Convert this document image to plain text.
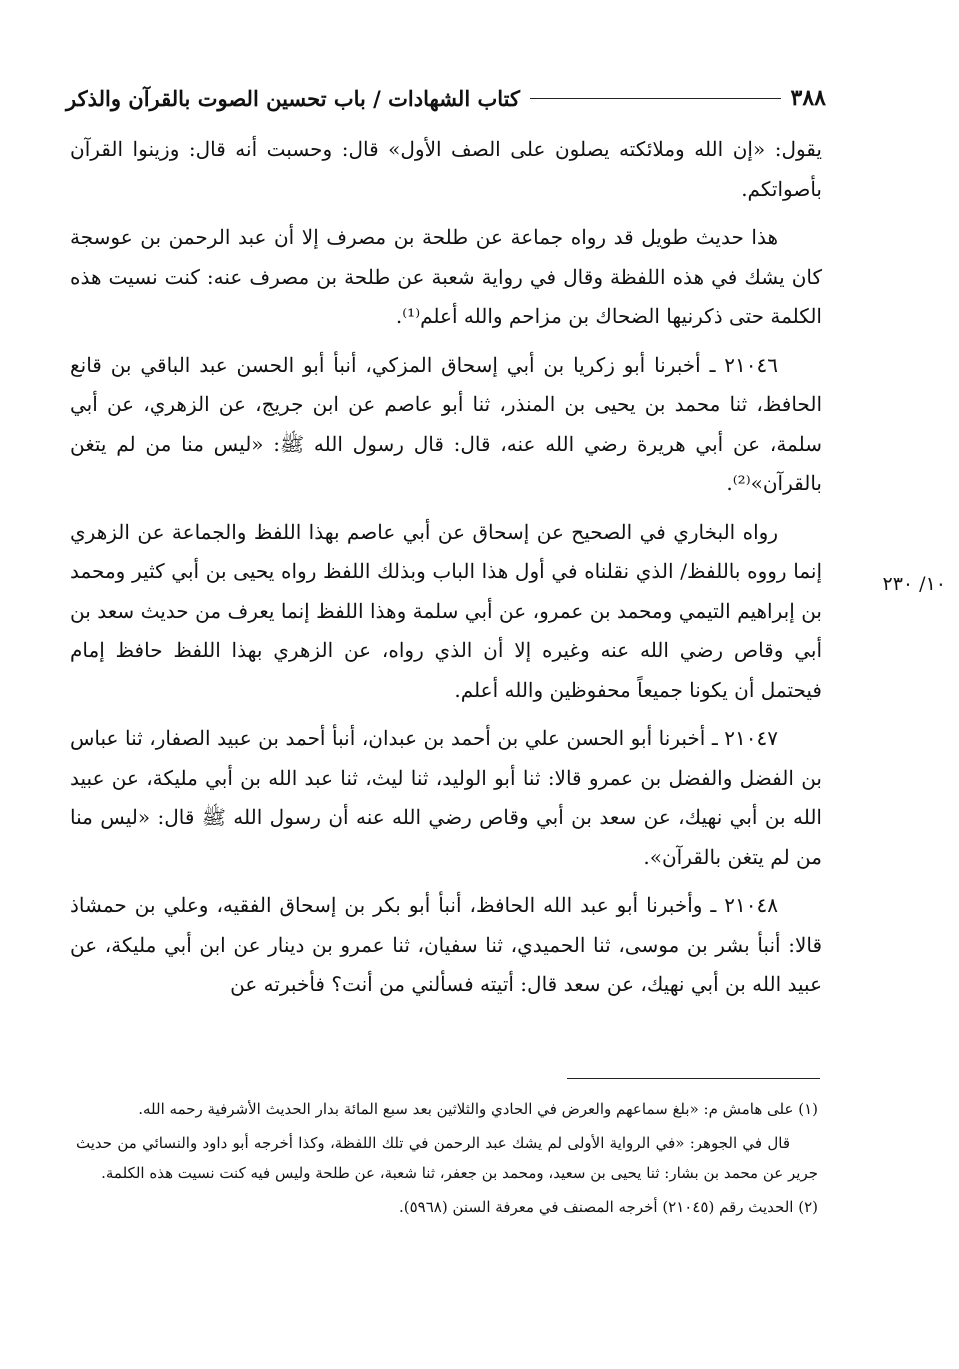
٣٨٨
كتاب الشهادات / باب تحسين الصوت بالقرآن والذكر

يقول: «إن الله وملائكته يصلون على الصف الأول» قال: وحسبت أنه قال: وزينوا القرآن بأصواتكم.

هذا حديث طويل قد رواه جماعة عن طلحة بن مصرف إلا أن عبد الرحمن بن عوسجة كان يشك في هذه اللفظة وقال في رواية شعبة عن طلحة بن مصرف عنه: كنت نسيت هذه الكلمة حتى ذكرنيها الضحاك بن مزاحم والله أعلم⁽¹⁾.

٢١٠٤٦ ـ أخبرنا أبو زكريا بن أبي إسحاق المزكي، أنبأ أبو الحسن عبد الباقي بن قانع الحافظ، ثنا محمد بن يحيى بن المنذر، ثنا أبو عاصم عن ابن جريج، عن الزهري، عن أبي سلمة، عن أبي هريرة رضي الله عنه، قال: قال رسول الله ﷺ: «ليس منا من لم يتغن بالقرآن»⁽²⁾.

رواه البخاري في الصحيح عن إسحاق عن أبي عاصم بهذا اللفظ والجماعة عن الزهري إنما رووه باللفظ/ الذي نقلناه في أول هذا الباب وبذلك اللفظ رواه يحيى بن أبي كثير ومحمد بن إبراهيم التيمي ومحمد بن عمرو، عن أبي سلمة وهذا اللفظ إنما يعرف من حديث سعد بن أبي وقاص رضي الله عنه وغيره إلا أن الذي رواه، عن الزهري بهذا اللفظ حافظ إمام فيحتمل أن يكونا جميعاً محفوظين والله أعلم.

٢١٠٤٧ ـ أخبرنا أبو الحسن علي بن أحمد بن عبدان، أنبأ أحمد بن عبيد الصفار، ثنا عباس بن الفضل والفضل بن عمرو قالا: ثنا أبو الوليد، ثنا ليث، ثنا عبد الله بن أبي مليكة، عن عبيد الله بن أبي نهيك، عن سعد بن أبي وقاص رضي الله عنه أن رسول الله ﷺ قال: «ليس منا من لم يتغن بالقرآن».

٢١٠٤٨ ـ وأخبرنا أبو عبد الله الحافظ، أنبأ أبو بكر بن إسحاق الفقيه، وعلي بن حمشاذ قالا: أنبأ بشر بن موسى، ثنا الحميدي، ثنا سفيان، ثنا عمرو بن دينار عن ابن أبي مليكة، عن عبيد الله بن أبي نهيك، عن سعد قال: أتيته فسألني من أنت؟ فأخبرته عن

١٠/ ٢٣٠

(١) على هامش م: «بلغ سماعهم والعرض في الحادي والثلاثين بعد سبع المائة بدار الحديث الأشرفية رحمه الله.

قال في الجوهر: «في الرواية الأولى لم يشك عبد الرحمن في تلك اللفظة، وكذا أخرجه أبو داود والنسائي من حديث جرير عن محمد بن بشار: ثنا يحيى بن سعيد، ومحمد بن جعفر، ثنا شعبة، عن طلحة وليس فيه كنت نسيت هذه الكلمة.

(٢) الحديث رقم (٢١٠٤٥) أخرجه المصنف في معرفة السنن (٥٩٦٨).
